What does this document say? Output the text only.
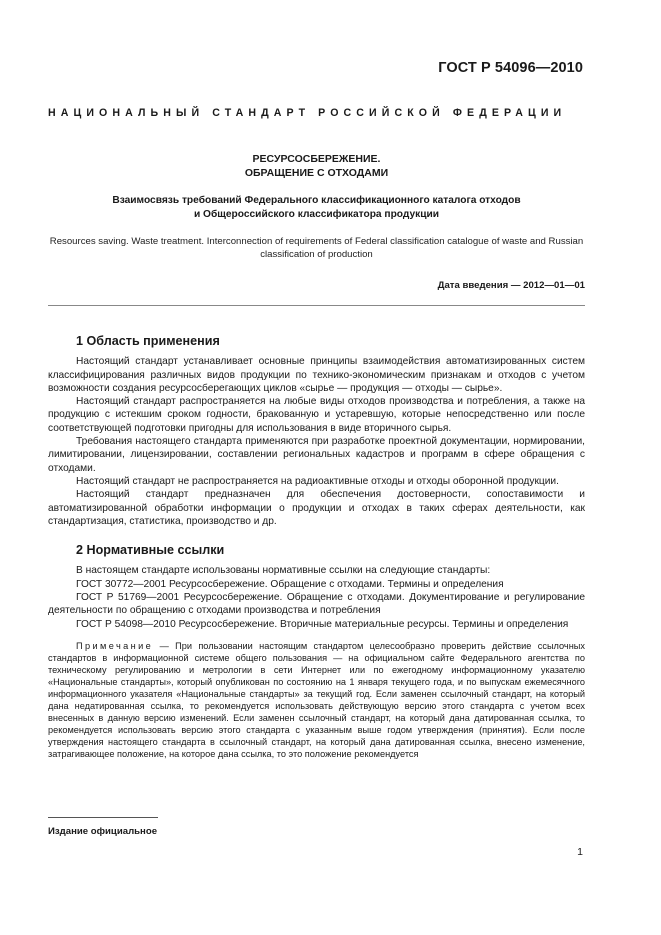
ГОСТ Р 54096—2010
НАЦИОНАЛЬНЫЙ СТАНДАРТ РОССИЙСКОЙ ФЕДЕРАЦИИ
РЕСУРСОСБЕРЕЖЕНИЕ.
ОБРАЩЕНИЕ С ОТХОДАМИ
Взаимосвязь требований Федерального классификационного каталога отходов
и Общероссийского классификатора продукции
Resources saving. Waste treatment. Interconnection of requirements of Federal classification catalogue of waste and Russian classification of production
Дата введения — 2012—01—01
1 Область применения

Настоящий стандарт устанавливает основные принципы взаимодействия автоматизированных систем классифицирования различных видов продукции по технико-экономическим признакам и отходов с учетом возможности создания ресурсосберегающих циклов «сырье — продукция — отходы — сырье».

Настоящий стандарт распространяется на любые виды отходов производства и потребления, а также на продукцию с истекшим сроком годности, бракованную и устаревшую, которые непосредственно или после соответствующей подготовки пригодны для использования в виде вторичного сырья.

Требования настоящего стандарта применяются при разработке проектной документации, нормировании, лимитировании, лицензировании, составлении региональных кадастров и программ в сфере обращения с отходами.

Настоящий стандарт не распространяется на радиоактивные отходы и отходы оборонной продукции.

Настоящий стандарт предназначен для обеспечения достоверности, сопоставимости и автоматизированной обработки информации о продукции и отходах в таких сферах деятельности, как стандартизация, статистика, производство и др.

2 Нормативные ссылки

В настоящем стандарте использованы нормативные ссылки на следующие стандарты:

ГОСТ 30772—2001 Ресурсосбережение. Обращение с отходами. Термины и определения

ГОСТ Р 51769—2001 Ресурсосбережение. Обращение с отходами. Документирование и регулирование деятельности по обращению с отходами производства и потребления

ГОСТ Р 54098—2010 Ресурсосбережение. Вторичные материальные ресурсы. Термины и определения

Примечание — При пользовании настоящим стандартом целесообразно проверить действие ссылочных стандартов в информационной системе общего пользования — на официальном сайте Федерального агентства по техническому регулированию и метрологии в сети Интернет или по ежегодному информационному указателю «Национальные стандарты», который опубликован по состоянию на 1 января текущего года, и по выпускам ежемесячного информационного указателя «Национальные стандарты» за текущий год. Если заменен ссылочный стандарт, на который дана недатированная ссылка, то рекомендуется использовать действующую версию этого стандарта с учетом всех внесенных в данную версию изменений. Если заменен ссылочный стандарт, на который дана датированная ссылка, то рекомендуется использовать версию этого стандарта с указанным выше годом утверждения (принятия). Если после утверждения настоящего стандарта в ссылочный стандарт, на который дана датированная ссылка, внесено изменение, затрагивающее положение, на которое дана ссылка, то это положение рекомендуется

Издание официальное
1
